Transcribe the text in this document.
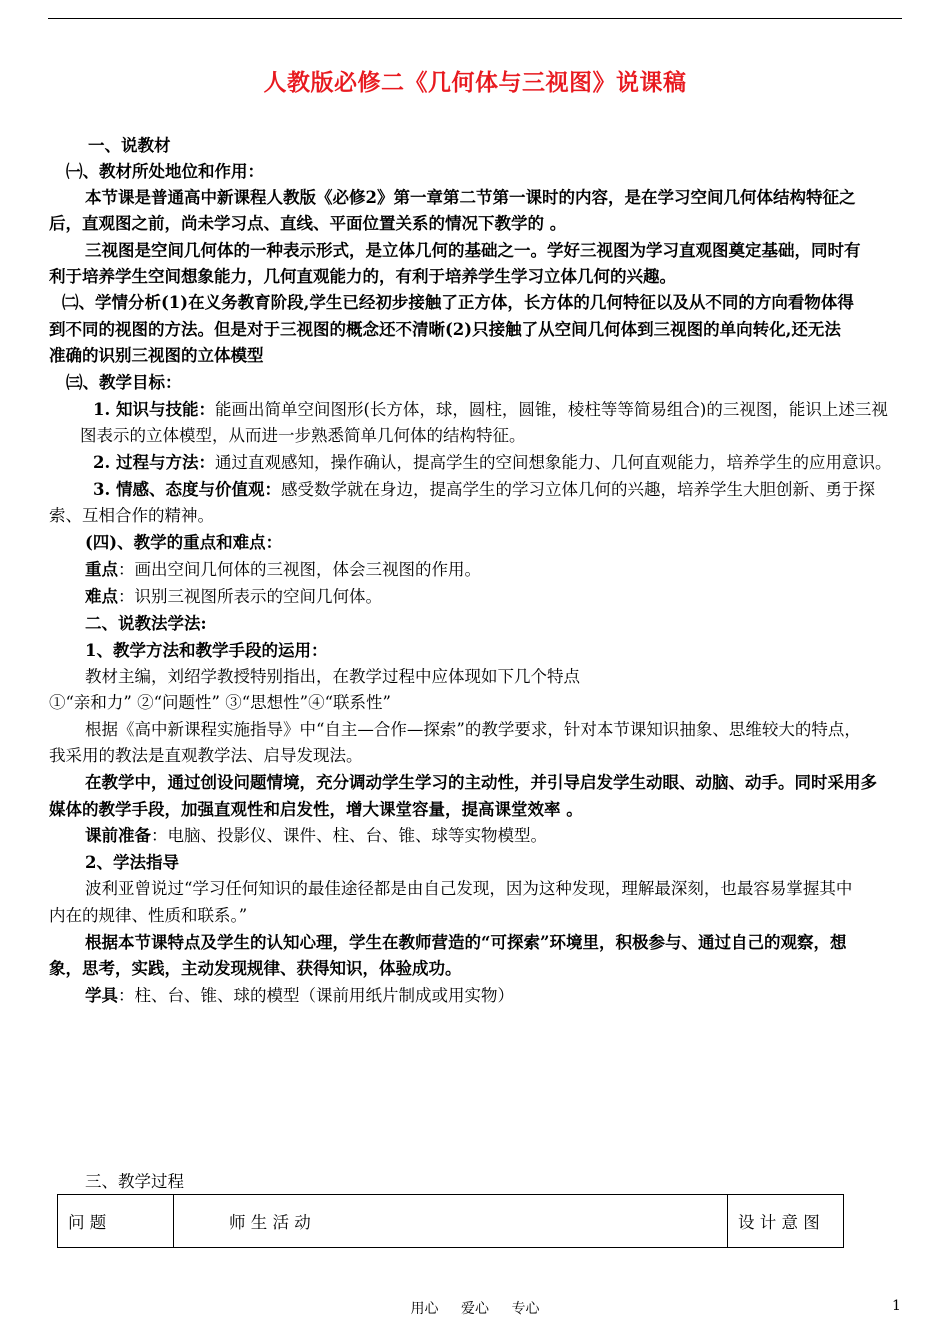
人教版必修二《几何体与三视图》说课稿
一、说教材
㈠、教材所处地位和作用：
本节课是普通高中新课程人教版《必修2》第一章第二节第一课时的内容，是在学习空间几何体结构特征之
后，直观图之前，尚未学习点、直线、平面位置关系的情况下教学的 。
三视图是空间几何体的一种表示形式，是立体几何的基础之一。学好三视图为学习直观图奠定基础，同时有
利于培养学生空间想象能力，几何直观能力的，有利于培养学生学习立体几何的兴趣。
㈡、学情分析(1)在义务教育阶段,学生已经初步接触了正方体，长方体的几何特征以及从不同的方向看物体得
到不同的视图的方法。但是对于三视图的概念还不清晰(2)只接触了从空间几何体到三视图的单向转化,还无法
准确的识别三视图的立体模型
㈢、教学目标：
1. 知识与技能：能画出简单空间图形(长方体，球，圆柱，圆锥，棱柱等等简易组合)的三视图，能识上述三视
图表示的立体模型，从而进一步熟悉简单几何体的结构特征。
2. 过程与方法：通过直观感知，操作确认，提高学生的空间想象能力、几何直观能力，培养学生的应用意识。
3. 情感、态度与价值观：感受数学就在身边，提高学生的学习立体几何的兴趣，培养学生大胆创新、勇于探
索、互相合作的精神。
(四)、教学的重点和难点：
重点：画出空间几何体的三视图，体会三视图的作用。
难点：识别三视图所表示的空间几何体。
二、说教法学法:
1、教学方法和教学手段的运用：
教材主编，刘绍学教授特别指出，在教学过程中应体现如下几个特点
①“亲和力” ②“问题性” ③“思想性”④“联系性”
根据《高中新课程实施指导》中“自主—合作—探索”的教学要求，针对本节课知识抽象、思维较大的特点，
我采用的教法是直观教学法、启导发现法。
在教学中，通过创设问题情境，充分调动学生学习的主动性，并引导启发学生动眼、动脑、动手。同时采用多
媒体的教学手段，加强直观性和启发性，增大课堂容量，提高课堂效率 。
课前准备：电脑、投影仪、课件、柱、台、锥、球等实物模型。
2、学法指导
波利亚曾说过“学习任何知识的最佳途径都是由自己发现，因为这种发现，理解最深刻，也最容易掌握其中
内在的规律、性质和联系。”
根据本节课特点及学生的认知心理，学生在教师营造的“可探索”环境里，积极参与、通过自己的观察，想
象，思考，实践，主动发现规律、获得知识，体验成功。
学具：柱、台、锥、球的模型（课前用纸片制成或用实物）
三、教学过程
问 题	师 生 活 动	设 计 意 图
用心 爱心 专心	1
